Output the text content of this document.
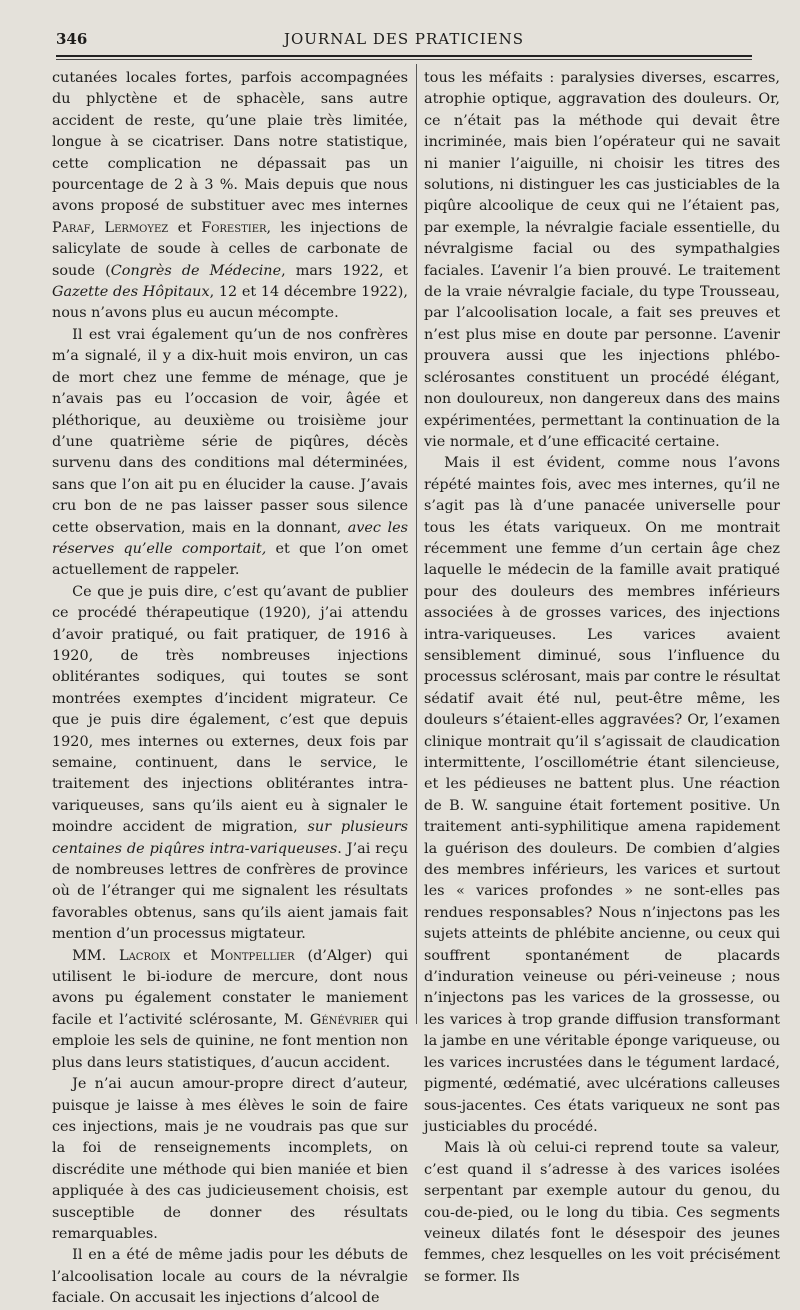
346	JOURNAL DES PRATICIENS

cutanées locales fortes, parfois accompagnées du phlyctène et de sphacèle, sans autre accident de reste, qu’une plaie très limitée, longue à se cicatriser. Dans notre statistique, cette complication ne dépassait pas un pourcentage de 2 à 3 %. Mais depuis que nous avons proposé de substituer avec mes internes Paraf, Lermoyez et Forestier, les injections de salicylate de soude à celles de carbonate de soude (Congrès de Médecine, mars 1922, et Gazette des Hôpitaux, 12 et 14 décembre 1922), nous n’avons plus eu aucun mécompte.

Il est vrai également qu’un de nos confrères m’a signalé, il y a dix-huit mois environ, un cas de mort chez une femme de ménage, que je n’avais pas eu l’occasion de voir, âgée et pléthorique, au deuxième ou troisième jour d’une quatrième série de piqûres, décès survenu dans des conditions mal déterminées, sans que l’on ait pu en élucider la cause. J’avais cru bon de ne pas laisser passer sous silence cette observation, mais en la donnant, avec les réserves qu’elle comportait, et que l’on omet actuellement de rappeler.

Ce que je puis dire, c’est qu’avant de publier ce procédé thérapeutique (1920), j’ai attendu d’avoir pratiqué, ou fait pratiquer, de 1916 à 1920, de très nombreuses injections oblitérantes sodiques, qui toutes se sont montrées exemptes d’incident migrateur. Ce que je puis dire également, c’est que depuis 1920, mes internes ou externes, deux fois par semaine, continuent, dans le service, le traitement des injections oblitérantes intra-variqueuses, sans qu’ils aient eu à signaler le moindre accident de migration, sur plusieurs centaines de piqûres intra-variqueuses. J’ai reçu de nombreuses lettres de confrères de province où de l’étranger qui me signalent les résultats favorables obtenus, sans qu’ils aient jamais fait mention d’un processus migtateur.

MM. Lacroix et Montpellier (d’Alger) qui utilisent le bi-iodure de mercure, dont nous avons pu également constater le maniement facile et l’activité sclérosante, M. Génévrier qui emploie les sels de quinine, ne font mention non plus dans leurs statistiques, d’aucun accident.

Je n’ai aucun amour-propre direct d’auteur, puisque je laisse à mes élèves le soin de faire ces injections, mais je ne voudrais pas que sur la foi de renseignements incomplets, on discrédite une méthode qui bien maniée et bien appliquée à des cas judicieusement choisis, est susceptible de donner des résultats remarquables.

Il en a été de même jadis pour les débuts de l’alcoolisation locale au cours de la névralgie faciale. On accusait les injections d’alcool de

tous les méfaits : paralysies diverses, escarres, atrophie optique, aggravation des douleurs. Or, ce n’était pas la méthode qui devait être incriminée, mais bien l’opérateur qui ne savait ni manier l’aiguille, ni choisir les titres des solutions, ni distinguer les cas justiciables de la piqûre alcoolique de ceux qui ne l’étaient pas, par exemple, la névralgie faciale essentielle, du névralgisme facial ou des sympathalgies faciales. L’avenir l’a bien prouvé. Le traitement de la vraie névralgie faciale, du type Trousseau, par l’alcoolisation locale, a fait ses preuves et n’est plus mise en doute par personne. L’avenir prouvera aussi que les injections phlébo-sclérosantes constituent un procédé élégant, non douloureux, non dangereux dans des mains expérimentées, permettant la continuation de la vie normale, et d’une efficacité certaine.

Mais il est évident, comme nous l’avons répété maintes fois, avec mes internes, qu’il ne s’agit pas là d’une panacée universelle pour tous les états variqueux. On me montrait récemment une femme d’un certain âge chez laquelle le médecin de la famille avait pratiqué pour des douleurs des membres inférieurs associées à de grosses varices, des injections intra-variqueuses. Les varices avaient sensiblement diminué, sous l’influence du processus sclérosant, mais par contre le résultat sédatif avait été nul, peut-être même, les douleurs s’étaient-elles aggravées? Or, l’examen clinique montrait qu’il s’agissait de claudication intermittente, l’oscillométrie étant silencieuse, et les pédieuses ne battent plus. Une réaction de B. W. sanguine était fortement positive. Un traitement anti-syphilitique amena rapidement la guérison des douleurs. De combien d’algies des membres inférieurs, les varices et surtout les « varices profondes » ne sont-elles pas rendues responsables? Nous n’injectons pas les sujets atteints de phlébite ancienne, ou ceux qui souffrent spontanément de placards d’induration veineuse ou péri-veineuse ; nous n’injectons pas les varices de la grossesse, ou les varices à trop grande diffusion transformant la jambe en une véritable éponge variqueuse, ou les varices incrustées dans le tégument lardacé, pigmenté, œdématié, avec ulcérations calleuses sous-jacentes. Ces états variqueux ne sont pas justiciables du procédé.

Mais là où celui-ci reprend toute sa valeur, c’est quand il s’adresse à des varices isolées serpentant par exemple autour du genou, du cou-de-pied, ou le long du tibia. Ces segments veineux dilatés font le désespoir des jeunes femmes, chez lesquelles on les voit précisément se former. Ils
